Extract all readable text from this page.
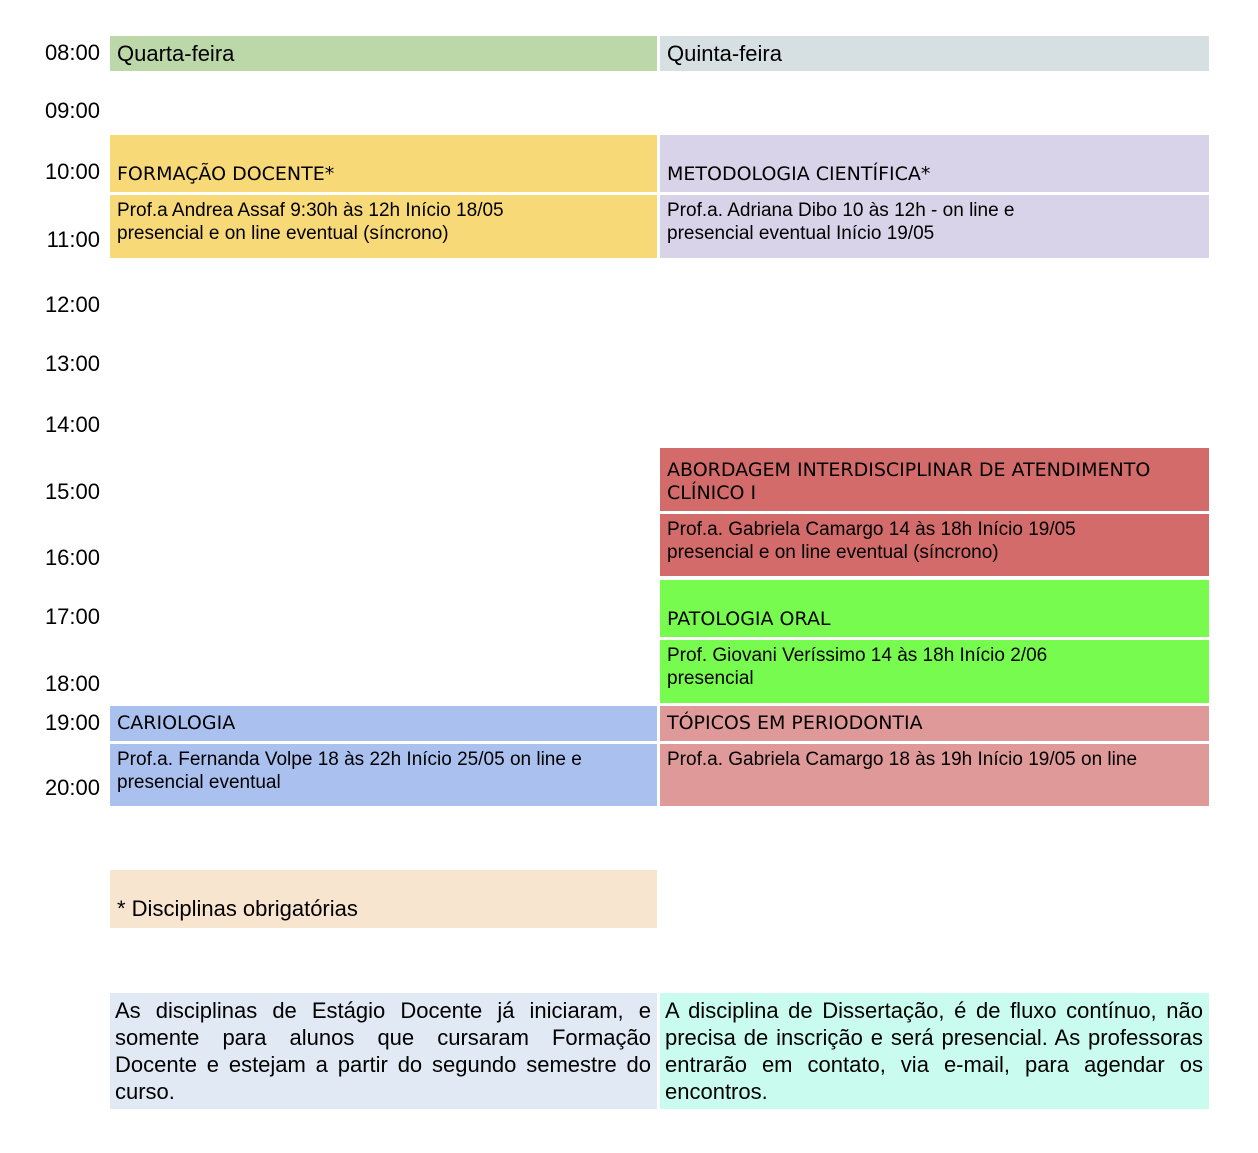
08:00
09:00
10:00
11:00
12:00
13:00
14:00
15:00
16:00
17:00
18:00
19:00
20:00
Quarta-feira	Quinta-feira
FORMAÇÃO DOCENTE*
Prof.a Andrea Assaf 9:30h às 12h Início 18/05 presencial e on line eventual (síncrono)
METODOLOGIA CIENTÍFICA*
Prof.a. Adriana Dibo 10 às 12h - on line e presencial eventual Início 19/05
ABORDAGEM INTERDISCIPLINAR DE ATENDIMENTO CLÍNICO I
Prof.a. Gabriela Camargo 14 às 18h Início 19/05 presencial e on line eventual (síncrono)
PATOLOGIA ORAL
Prof. Giovani Veríssimo 14 às 18h Início 2/06 presencial
CARIOLOGIA
Prof.a. Fernanda Volpe 18 às 22h Início 25/05 on line e presencial eventual
TÓPICOS EM PERIODONTIA
Prof.a. Gabriela Camargo 18 às 19h Início 19/05 on line
* Disciplinas obrigatórias
As disciplinas de Estágio Docente já iniciaram, e somente para alunos que cursaram Formação Docente e estejam a partir do segundo semestre do curso.
A disciplina de Dissertação, é de fluxo contínuo, não precisa de inscrição e será presencial. As professoras entrarão em contato, via e-mail, para agendar os encontros.
